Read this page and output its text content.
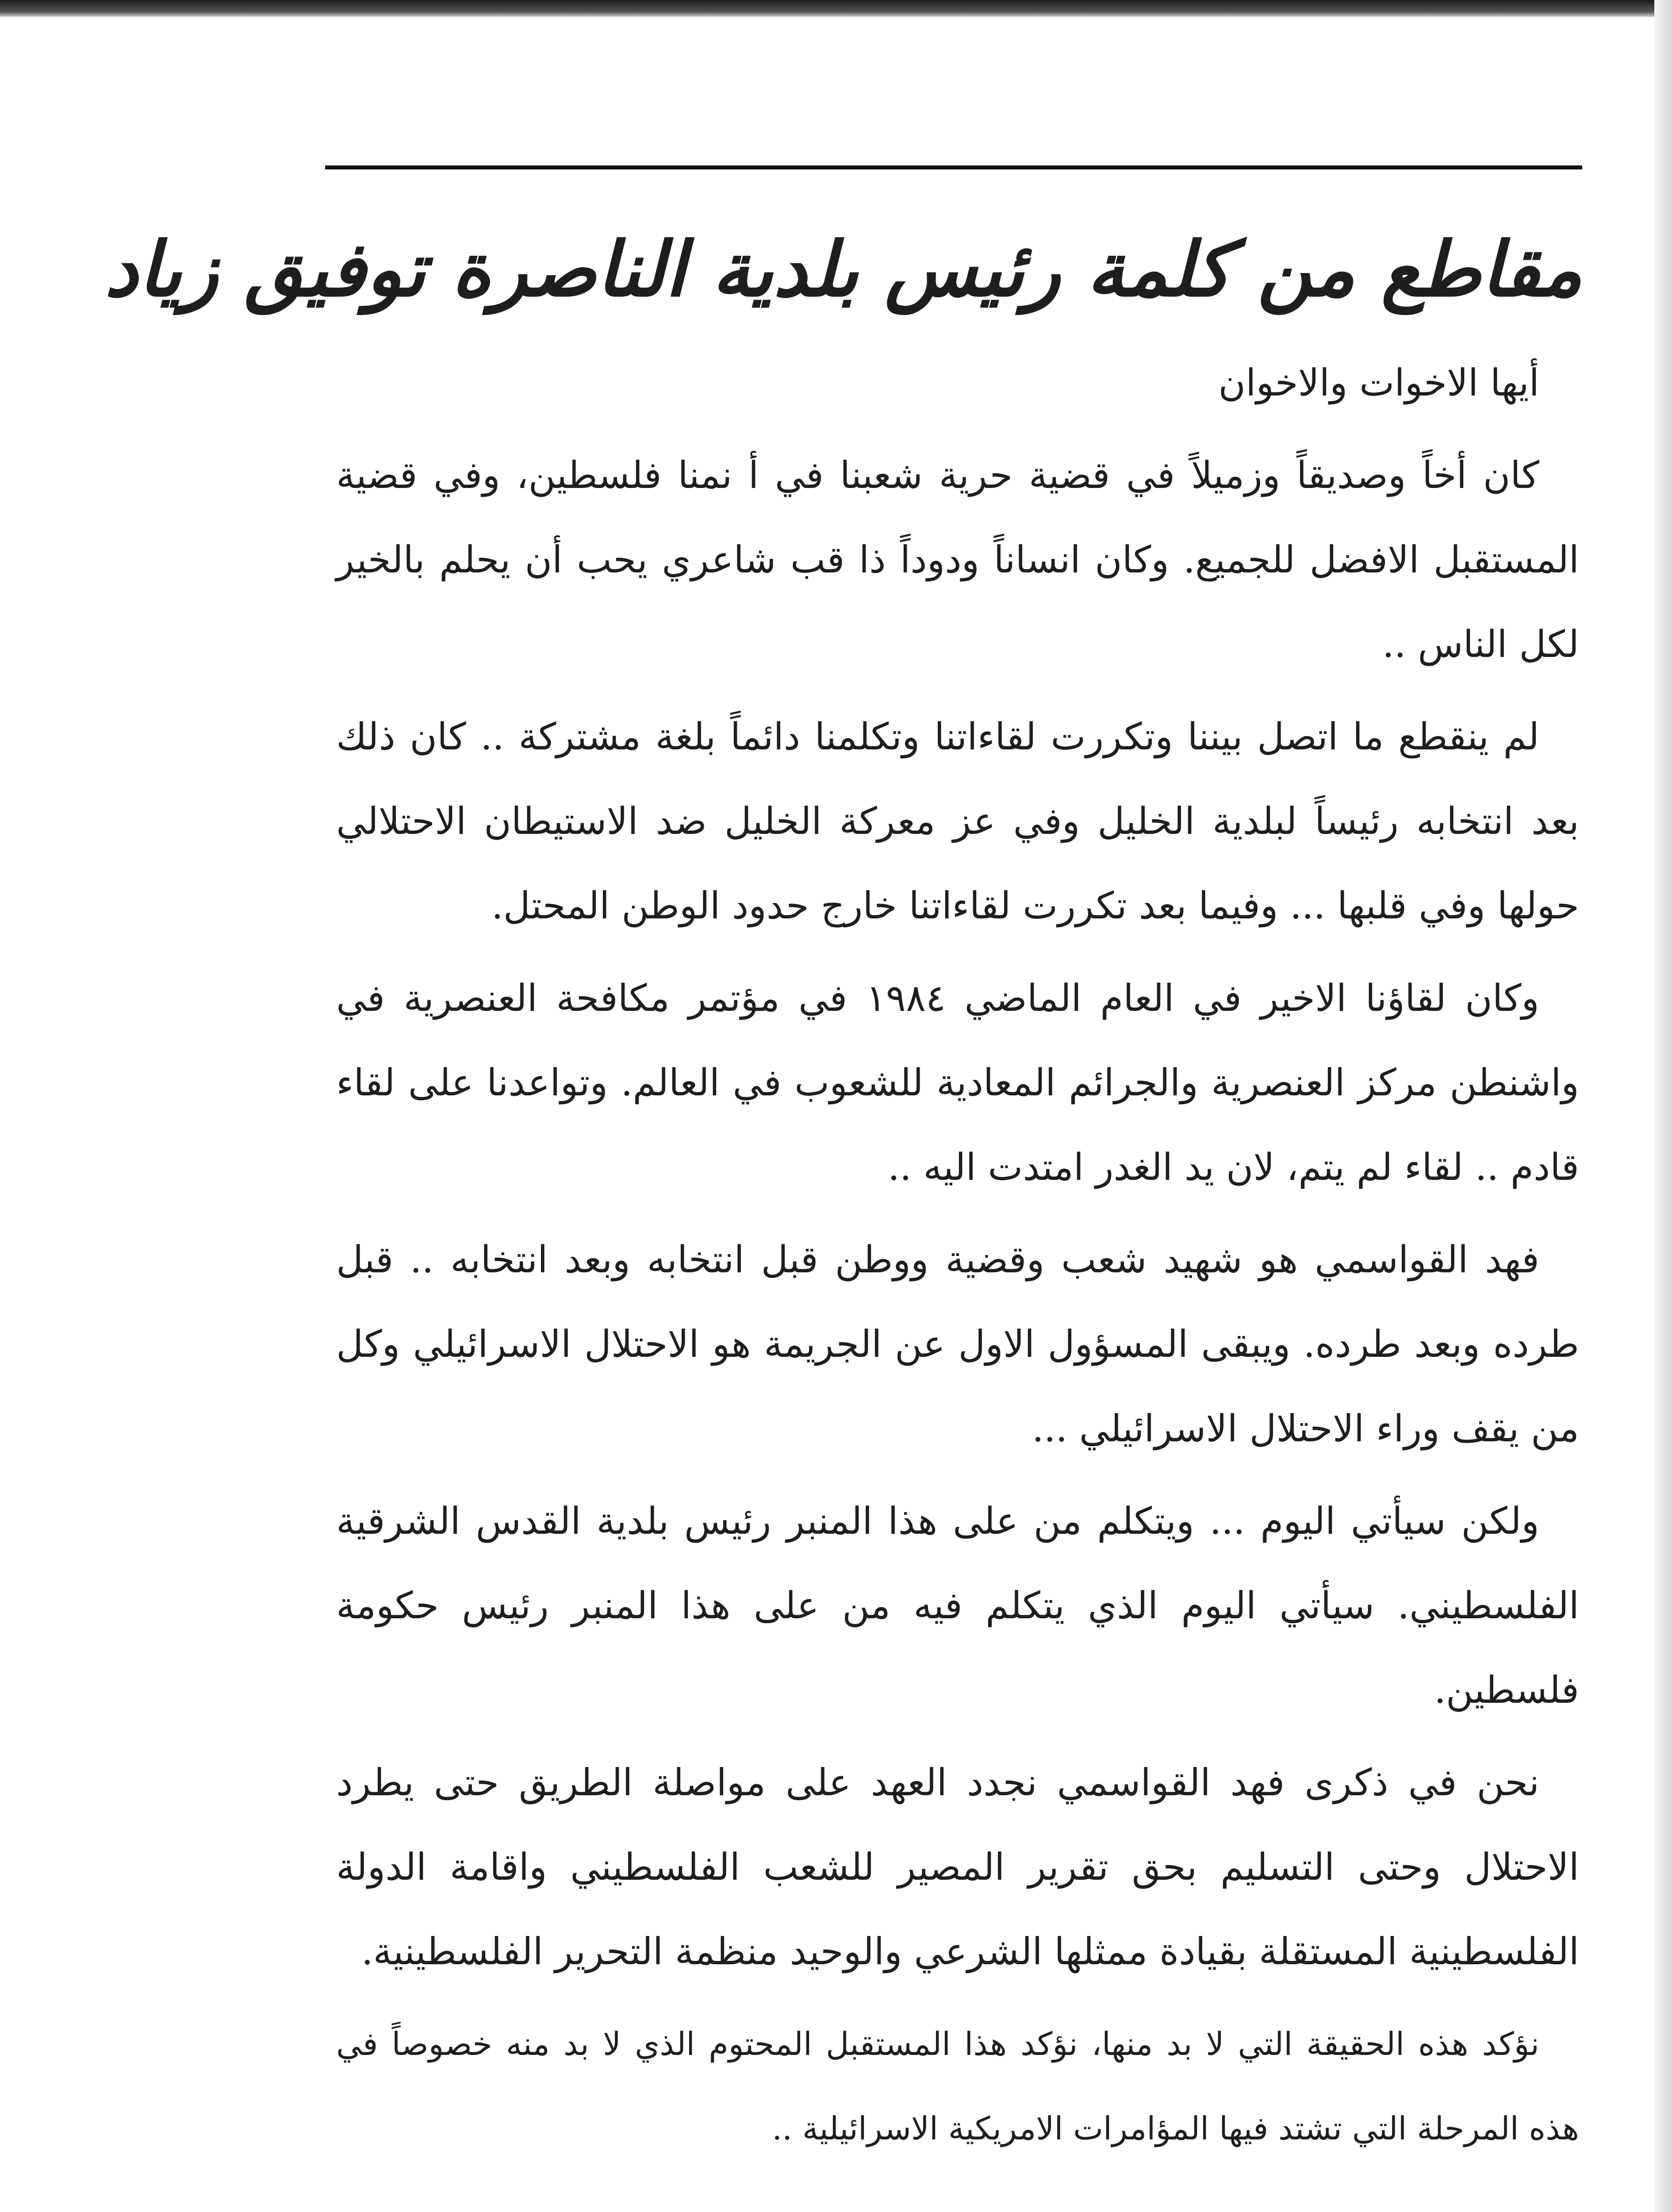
مقاطع من كلمة رئيس بلدية الناصرة توفيق زياد

أيها الاخوات والاخوان

كان أخاً وصديقاً وزميلاً في قضية حرية شعبنا في أ نمنا فلسطين، وفي قضية المستقبل الافضل للجميع. وكان انساناً ودوداً ذا ق‍ب شاعري يحب أن يحلم بالخير لكل الناس ..

لم ينقطع ما اتصل بيننا وتكررت لقاءاتنا وتكلمنا دائماً بلغة مشتركة .. كان ذلك بعد انتخابه رئيساً لبلدية الخليل وفي عز معركة الخليل ضد الاستيطان الاحتلالي حولها وفي قلبها ... وفيما بعد تكررت لقاءاتنا خارج حدود الوطن المحتل.

وكان لقاؤنا الاخير في العام الماضي ١٩٨٤ في مؤتمر مكافحة العنصرية في واشنطن مركز العنصرية والجرائم المعادية للشعوب في العالم. وتواعدنا على لقاء قادم .. لقاء لم يتم، لان يد الغدر امتدت اليه ..

فهد القواسمي هو شهيد شعب وقضية ووطن قبل انتخابه وبعد انتخابه .. قبل طرده وبعد طرده. ويبقى المسؤول الاول عن الجريمة هو الاحتلال الاسرائيلي وكل من يقف وراء الاحتلال الاسرائيلي ...

ولكن سيأتي اليوم ... ويتكلم من على هذا المنبر رئيس بلدية القدس الشرقية الفلسطيني. سيأتي اليوم الذي يتكلم فيه من على هذا المنبر رئيس حكومة فلسطين.

نحن في ذكرى فهد القواسمي نجدد العهد على مواصلة الطريق حتى يطرد الاحتلال وحتى التسليم بحق تقرير المصير للشعب الفلسطيني واقامة الدولة الفلسطينية المستقلة بقيادة ممثلها الشرعي والوحيد منظمة التحرير الفلسطينية.

نؤكد هذه الحقيقة التي لا بد منها، نؤكد هذا المستقبل المحتوم الذي لا بد منه خصوصاً في هذه المرحلة التي تشتد فيها المؤامرات الامريكية الاسرائيلية ..
